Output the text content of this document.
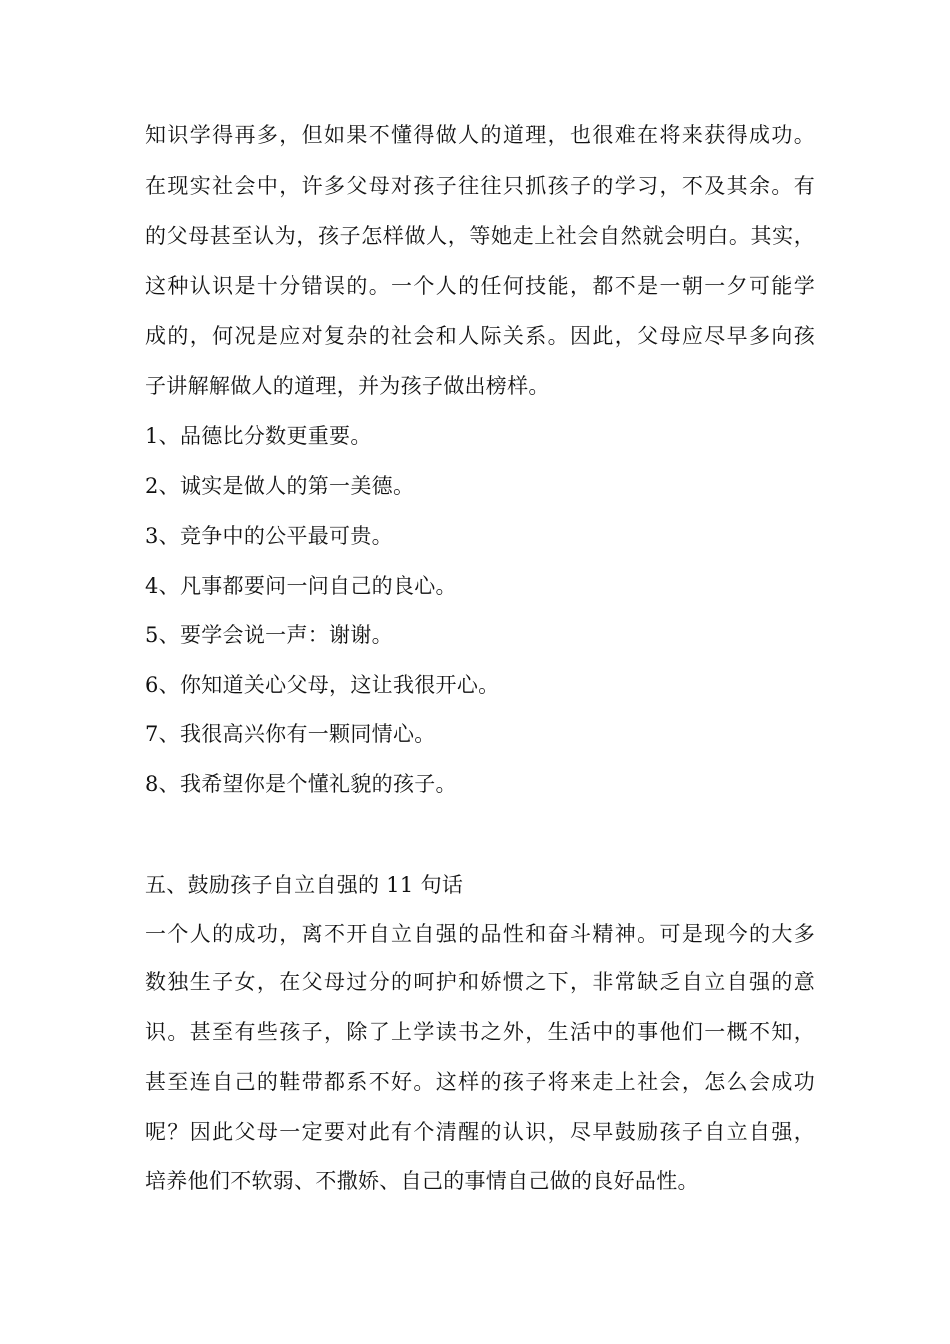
知识学得再多，但如果不懂得做人的道理，也很难在将来获得成功。
在现实社会中，许多父母对孩子往往只抓孩子的学习，不及其余。有
的父母甚至认为，孩子怎样做人，等她走上社会自然就会明白。其实，
这种认识是十分错误的。一个人的任何技能，都不是一朝一夕可能学
成的，何况是应对复杂的社会和人际关系。因此，父母应尽早多向孩
子讲解解做人的道理，并为孩子做出榜样。
1、品德比分数更重要。
2、诚实是做人的第一美德。
3、竞争中的公平最可贵。
4、凡事都要问一问自己的良心。
5、要学会说一声：谢谢。
6、你知道关心父母，这让我很开心。
7、我很高兴你有一颗同情心。
8、我希望你是个懂礼貌的孩子。
五、鼓励孩子自立自强的 11 句话
一个人的成功，离不开自立自强的品性和奋斗精神。可是现今的大多
数独生子女，在父母过分的呵护和娇惯之下，非常缺乏自立自强的意
识。甚至有些孩子，除了上学读书之外，生活中的事他们一概不知，
甚至连自己的鞋带都系不好。这样的孩子将来走上社会，怎么会成功
呢？因此父母一定要对此有个清醒的认识，尽早鼓励孩子自立自强，
培养他们不软弱、不撒娇、自己的事情自己做的良好品性。
